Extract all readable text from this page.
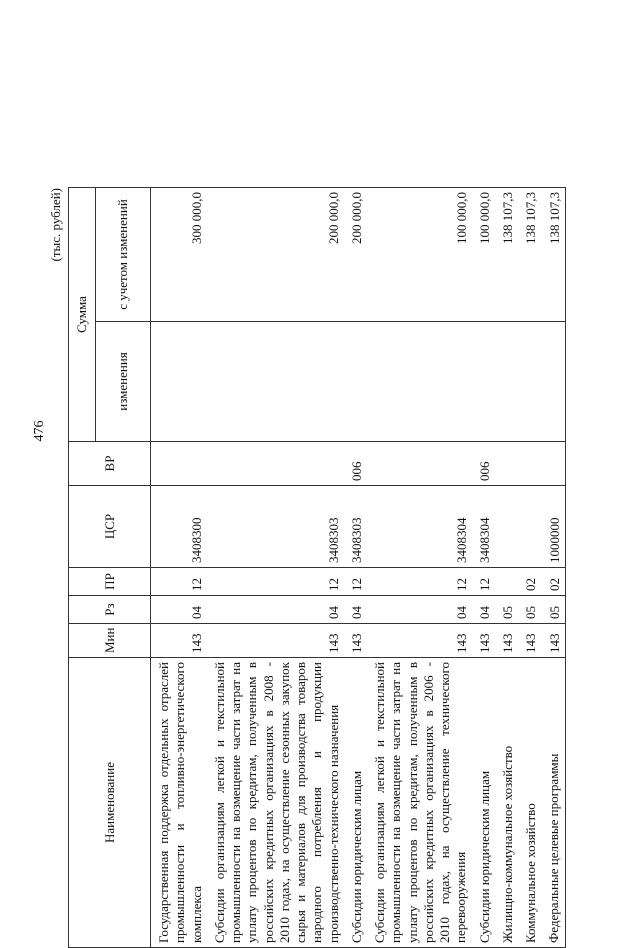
476
(тыс. рублей)
Наименование	Мин	Рз	ПР	ЦСР	ВР	Сумма	
						изменения	с учетом изменений
Государственная поддержка отдельных отраслей промышленности и топливно-энергетического комплекса	143	04	12	3408300			300 000,0
Субсидии организациям легкой и текстильной промышленности на возмещение части затрат на уплату процентов по кредитам, полученным в российских кредитных организациях в 2008 - 2010 годах, на осуществление сезонных закупок сырья и материалов для производства товаров народного потребления и продукции производственно-технического назначения	143	04	12	3408303			200 000,0
Субсидии юридическим лицам	143	04	12	3408303	006		200 000,0
Субсидии организациям легкой и текстильной промышленности на возмещение части затрат на уплату процентов по кредитам, полученным в российских кредитных организациях в 2006 - 2010 годах, на осуществление технического перевооружения	143	04	12	3408304			100 000,0
Субсидии юридическим лицам	143	04	12	3408304	006		100 000,0
Жилищно-коммунальное хозяйство	143	05					138 107,3
Коммунальное хозяйство	143	05	02				138 107,3
Федеральные целевые программы	143	05	02	1000000			138 107,3
